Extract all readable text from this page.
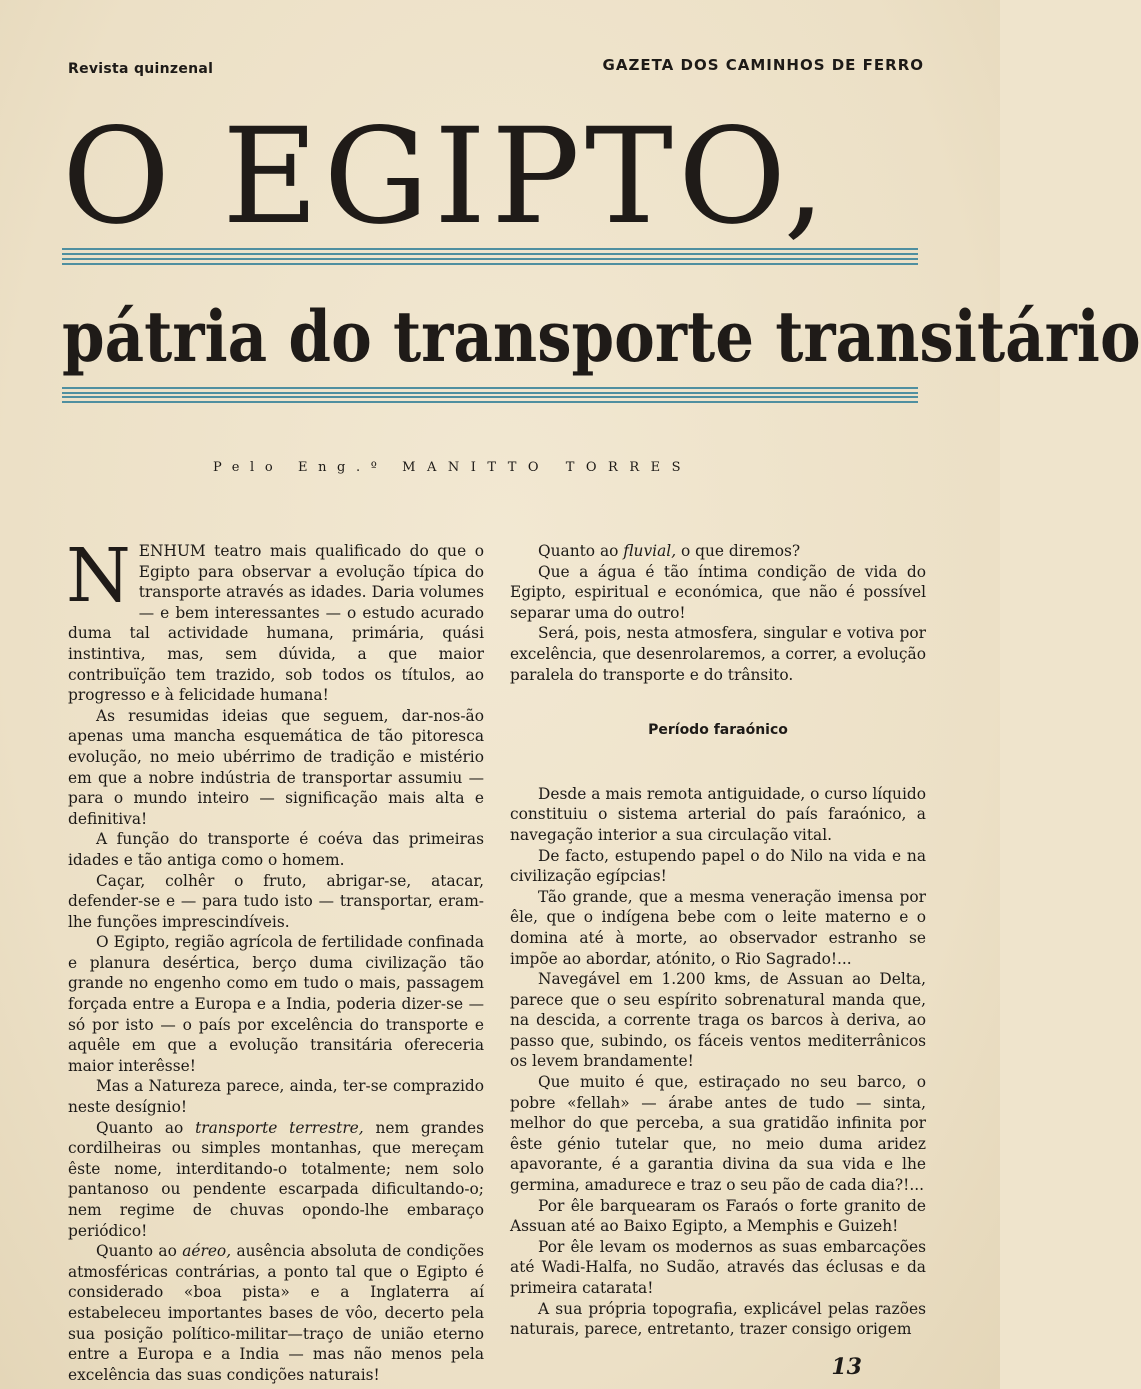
Revista quinzenal	GAZETA DOS CAMINHOS DE FERRO
O EGIPTO,
pátria do transporte transitário
Pelo Eng.º MANITTO TORRES

NENHUM teatro mais qualificado do que o Egipto para observar a evolução típica do transporte através as idades. Daria volumes — e bem interessantes — o estudo acurado duma tal actividade humana, primária, quási instintiva, mas, sem dúvida, a que maior contribuïção tem trazido, sob todos os títulos, ao progresso e à felicidade humana!

As resumidas ideias que seguem, dar-nos-ão apenas uma mancha esquemática de tão pitoresca evolução, no meio ubérrimo de tradição e mistério em que a nobre indústria de transportar assumiu — para o mundo inteiro — significação mais alta e definitiva!

A função do transporte é coéva das primeiras idades e tão antiga como o homem.

Caçar, colhêr o fruto, abrigar-se, atacar, defender-se e — para tudo isto — transportar, eram-lhe funções imprescindíveis.

O Egipto, região agrícola de fertilidade confinada e planura desértica, berço duma civilização tão grande no engenho como em tudo o mais, passagem forçada entre a Europa e a India, poderia dizer-se — só por isto — o país por excelência do transporte e aquêle em que a evolução transitária ofereceria maior interêsse!

Mas a Natureza parece, ainda, ter-se comprazido neste desígnio!

Quanto ao transporte terrestre, nem grandes cordilheiras ou simples montanhas, que mereçam êste nome, interditando-o totalmente; nem solo pantanoso ou pendente escarpada dificultando-o; nem regime de chuvas opondo-lhe embaraço periódico!

Quanto ao aéreo, ausência absoluta de condições atmosféricas contrárias, a ponto tal que o Egipto é considerado «boa pista» e a Inglaterra aí estabeleceu importantes bases de vôo, decerto pela sua posição político-militar—traço de união eterno entre a Europa e a India — mas não menos pela excelência das suas condições naturais!

Quanto ao fluvial, o que diremos?

Que a água é tão íntima condição de vida do Egipto, espiritual e económica, que não é possível separar uma do outro!

Será, pois, nesta atmosfera, singular e votiva por excelência, que desenrolaremos, a correr, a evolução paralela do transporte e do trânsito.

Período faraónico

Desde a mais remota antiguidade, o curso líquido constituiu o sistema arterial do país faraónico, a navegação interior a sua circulação vital.

De facto, estupendo papel o do Nilo na vida e na civilização egípcias!

Tão grande, que a mesma veneração imensa por êle, que o indígena bebe com o leite materno e o domina até à morte, ao observador estranho se impõe ao abordar, atónito, o Rio Sagrado!...

Navegável em 1.200 kms, de Assuan ao Delta, parece que o seu espírito sobrenatural manda que, na descida, a corrente traga os barcos à deriva, ao passo que, subindo, os fáceis ventos mediterrânicos os levem brandamente!

Que muito é que, estiraçado no seu barco, o pobre «fellah» — árabe antes de tudo — sinta, melhor do que perceba, a sua gratidão infinita por êste génio tutelar que, no meio duma aridez apavorante, é a garantia divina da sua vida e lhe germina, amadurece e traz o seu pão de cada dia?!...

Por êle barquearam os Faraós o forte granito de Assuan até ao Baixo Egipto, a Memphis e Guizeh!

Por êle levam os modernos as suas embarcações até Wadi-Halfa, no Sudão, através das éclusas e da primeira catarata!

A sua própria topografia, explicável pelas razões naturais, parece, entretanto, trazer consigo origem

13
